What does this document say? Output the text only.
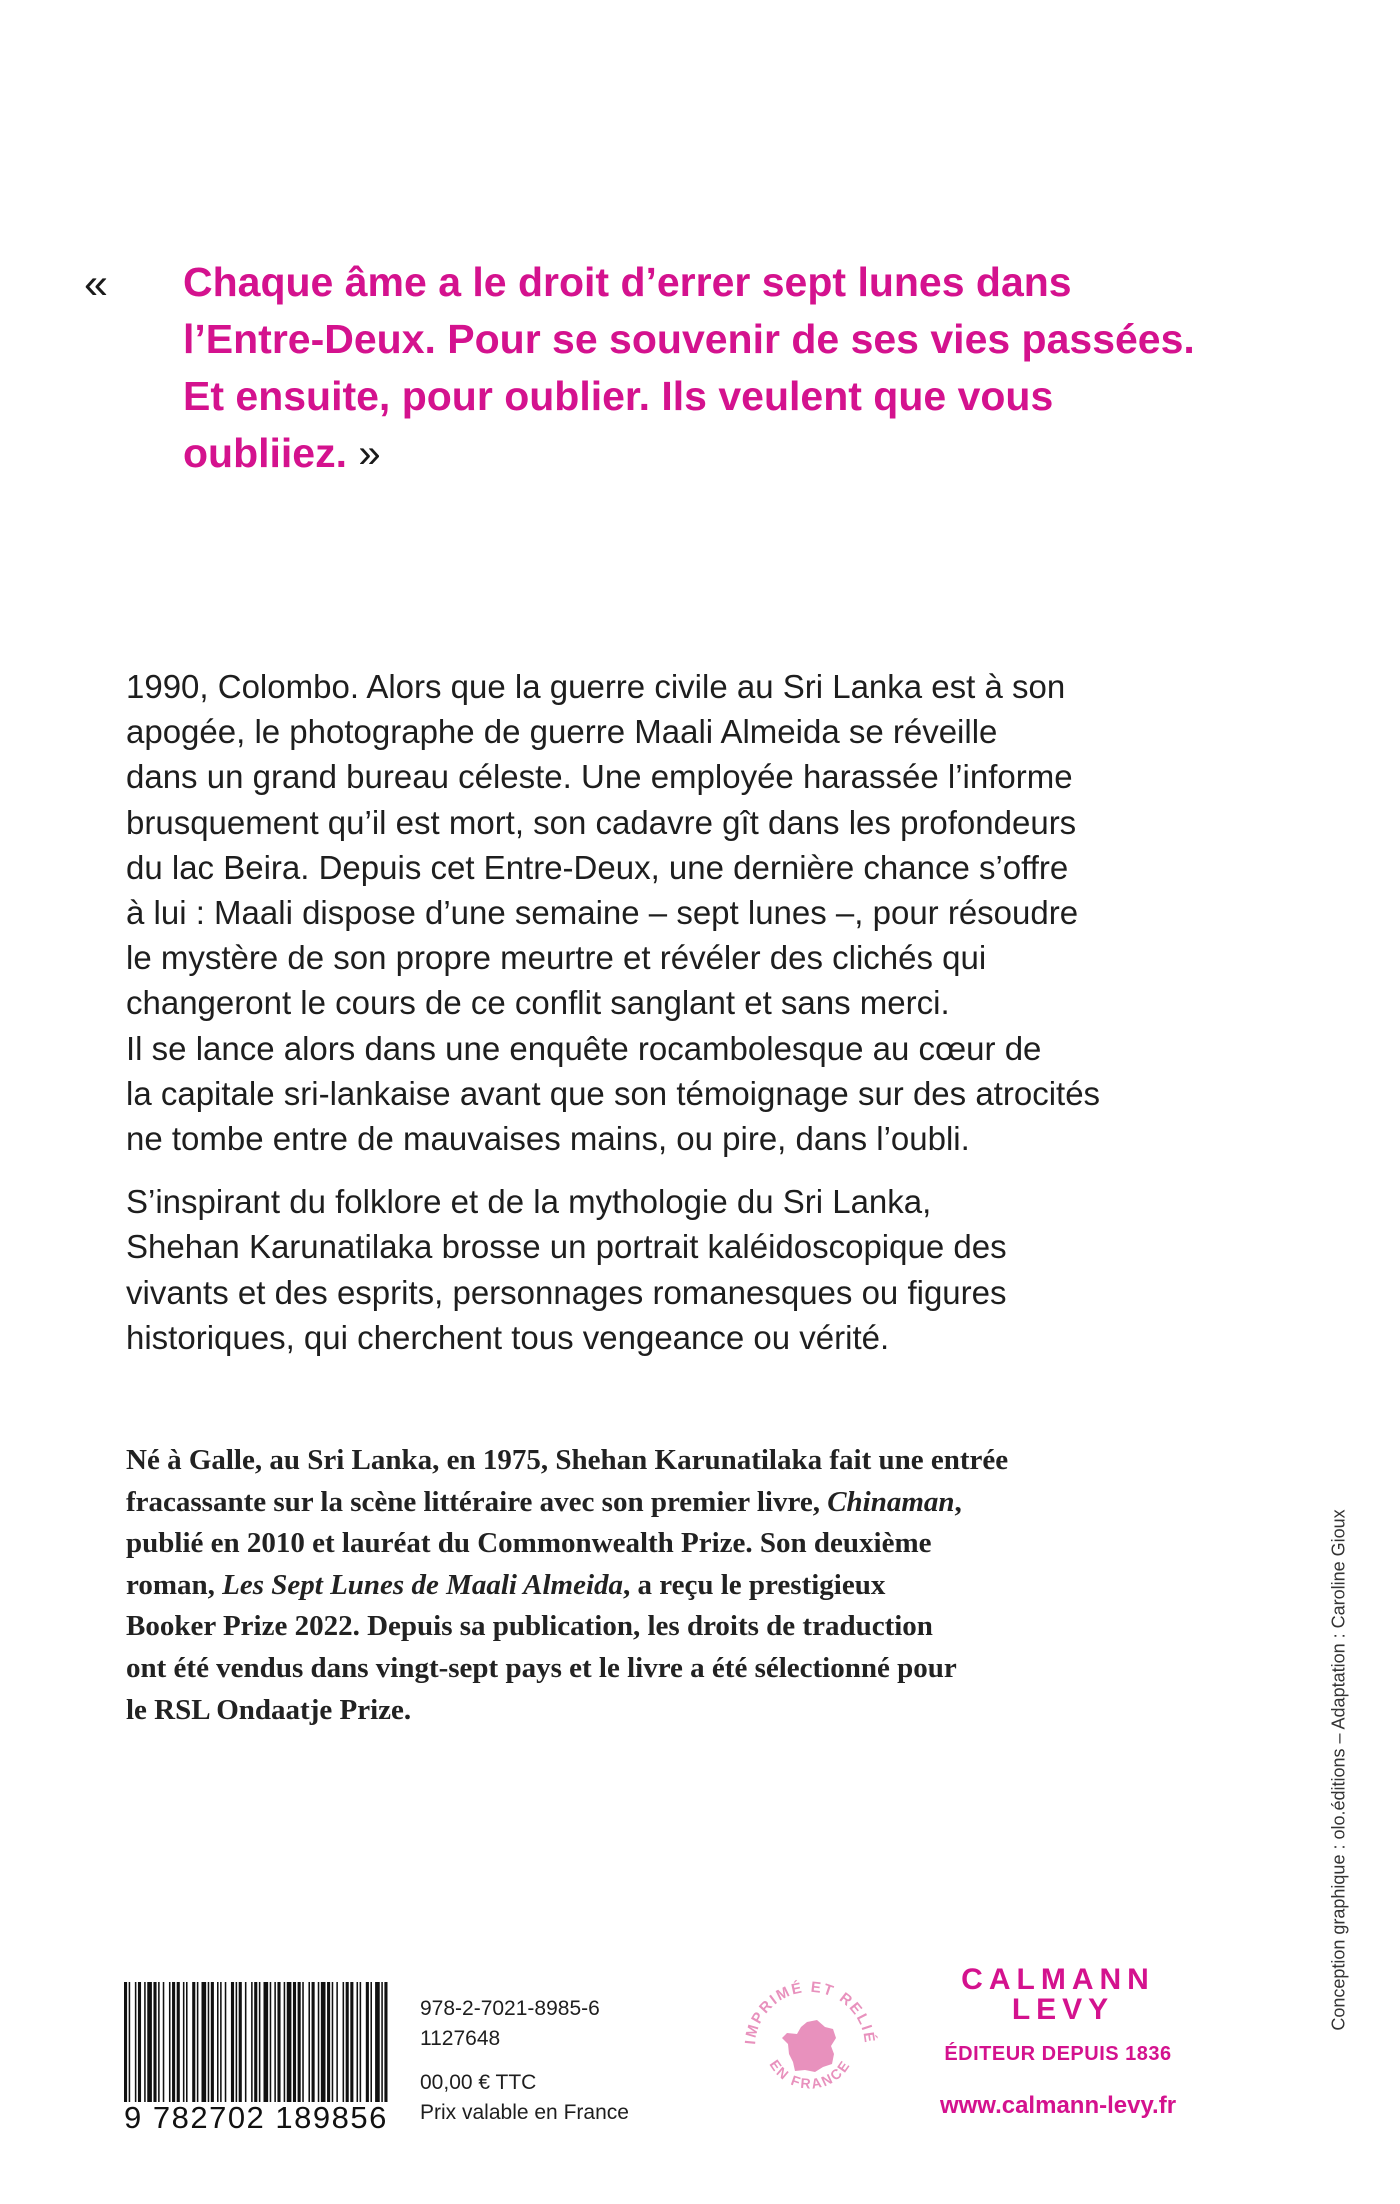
« Chaque âme a le droit d’errer sept lunes dans l’Entre-Deux. Pour se souvenir de ses vies passées. Et ensuite, pour oublier. Ils veulent que vous oubliiez. »

1990, Colombo. Alors que la guerre civile au Sri Lanka est à son
apogée, le photographe de guerre Maali Almeida se réveille
dans un grand bureau céleste. Une employée harassée l’informe
brusquement qu’il est mort, son cadavre gît dans les profondeurs
du lac Beira. Depuis cet Entre-Deux, une dernière chance s’offre
à lui : Maali dispose d’une semaine – sept lunes –, pour résoudre
le mystère de son propre meurtre et révéler des clichés qui
changeront le cours de ce conflit sanglant et sans merci.
Il se lance alors dans une enquête rocambolesque au cœur de
la capitale sri-lankaise avant que son témoignage sur des atrocités
ne tombe entre de mauvaises mains, ou pire, dans l’oubli.

S’inspirant du folklore et de la mythologie du Sri Lanka,
Shehan Karunatilaka brosse un portrait kaléidoscopique des
vivants et des esprits, personnages romanesques ou figures
historiques, qui cherchent tous vengeance ou vérité.

Né à Galle, au Sri Lanka, en 1975, Shehan Karunatilaka fait une entrée
fracassante sur la scène littéraire avec son premier livre, Chinaman,
publié en 2010 et lauréat du Commonwealth Prize. Son deuxième
roman, Les Sept Lunes de Maali Almeida, a reçu le prestigieux
Booker Prize 2022. Depuis sa publication, les droits de traduction
ont été vendus dans vingt-sept pays et le livre a été sélectionné pour
le RSL Ondaatje Prize.	Conception graphique : olo.éditions – Adaptation : Caroline Gioux
9 782702 189856
978-2-7021-8985-6
1127648
00,00 € TTC
Prix valable en France
IMPRIMÉ ET RELIÉ
EN FRANCE
CALMANN
LEVY
ÉDITEUR DEPUIS 1836
www.calmann-levy.fr
